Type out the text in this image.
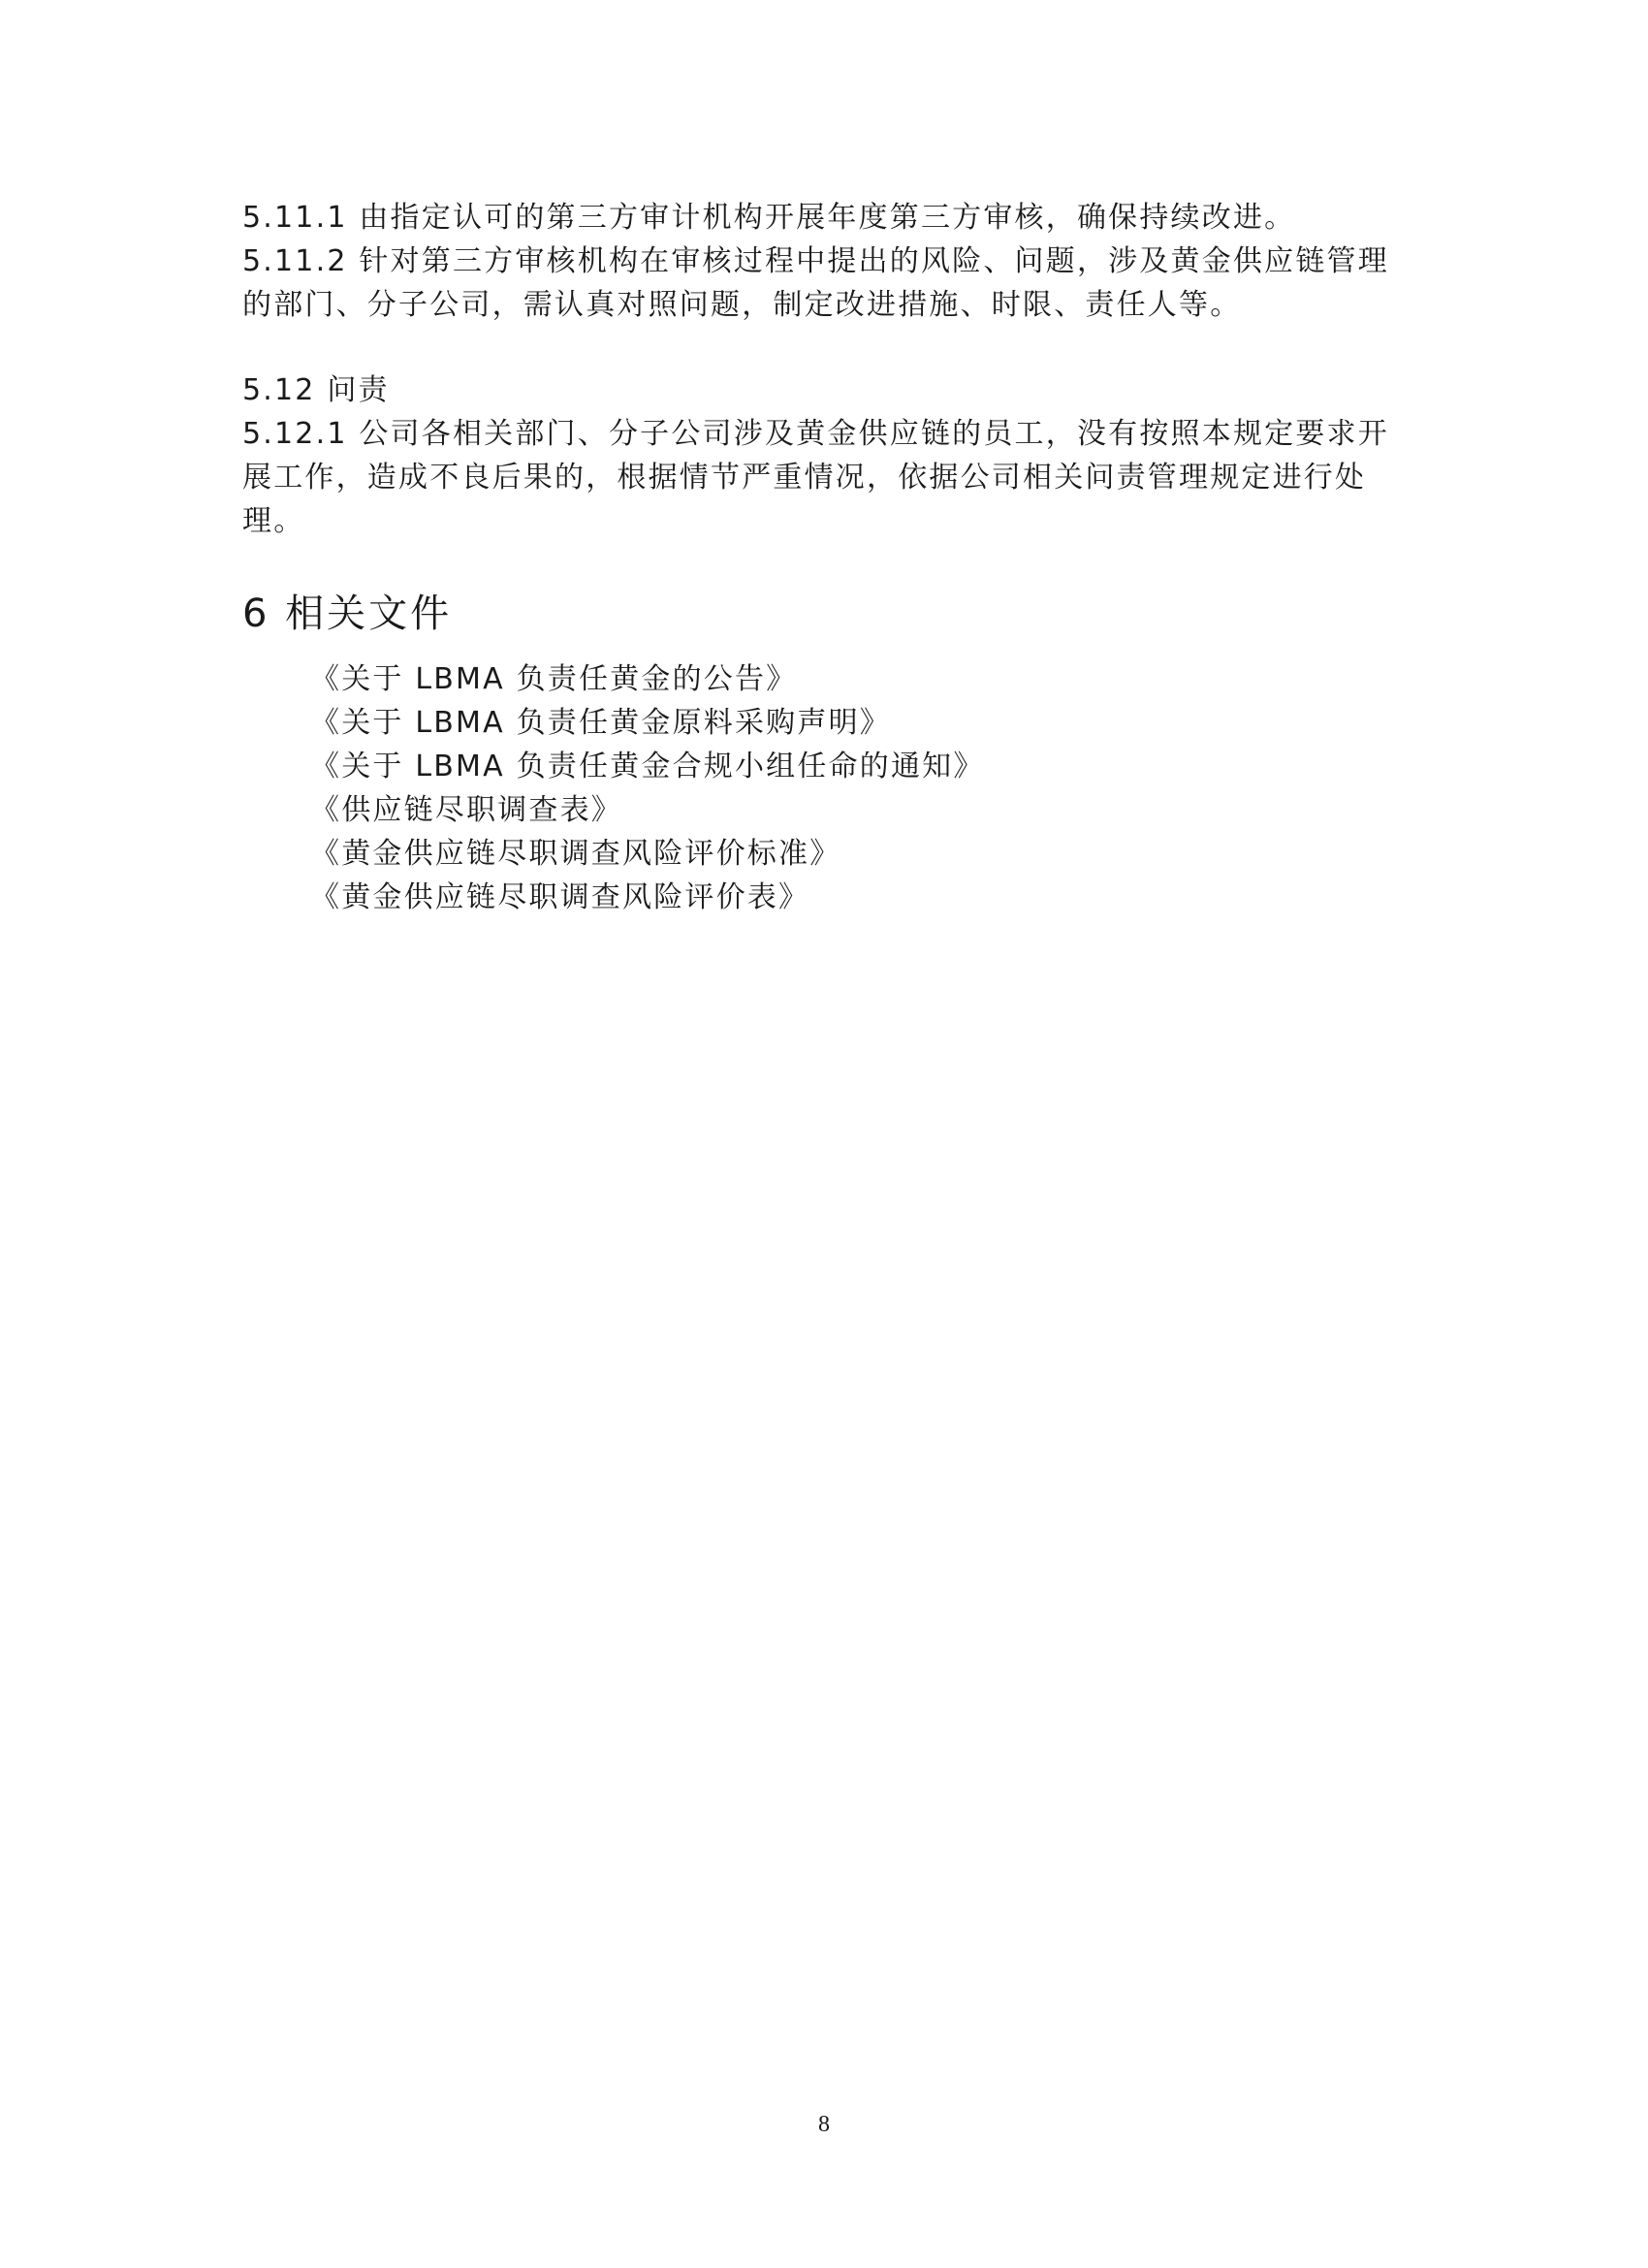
5.11.1 由指定认可的第三方审计机构开展年度第三方审核，确保持续改进。
5.11.2 针对第三方审核机构在审核过程中提出的风险、问题，涉及黄金供应链管理
的部门、分子公司，需认真对照问题，制定改进措施、时限、责任人等。
5.12 问责
5.12.1 公司各相关部门、分子公司涉及黄金供应链的员工，没有按照本规定要求开
展工作，造成不良后果的，根据情节严重情况，依据公司相关问责管理规定进行处
理。
6 相关文件
《关于 LBMA 负责任黄金的公告》
《关于 LBMA 负责任黄金原料采购声明》
《关于 LBMA 负责任黄金合规小组任命的通知》
《供应链尽职调查表》
《黄金供应链尽职调查风险评价标准》
《黄金供应链尽职调查风险评价表》
8
